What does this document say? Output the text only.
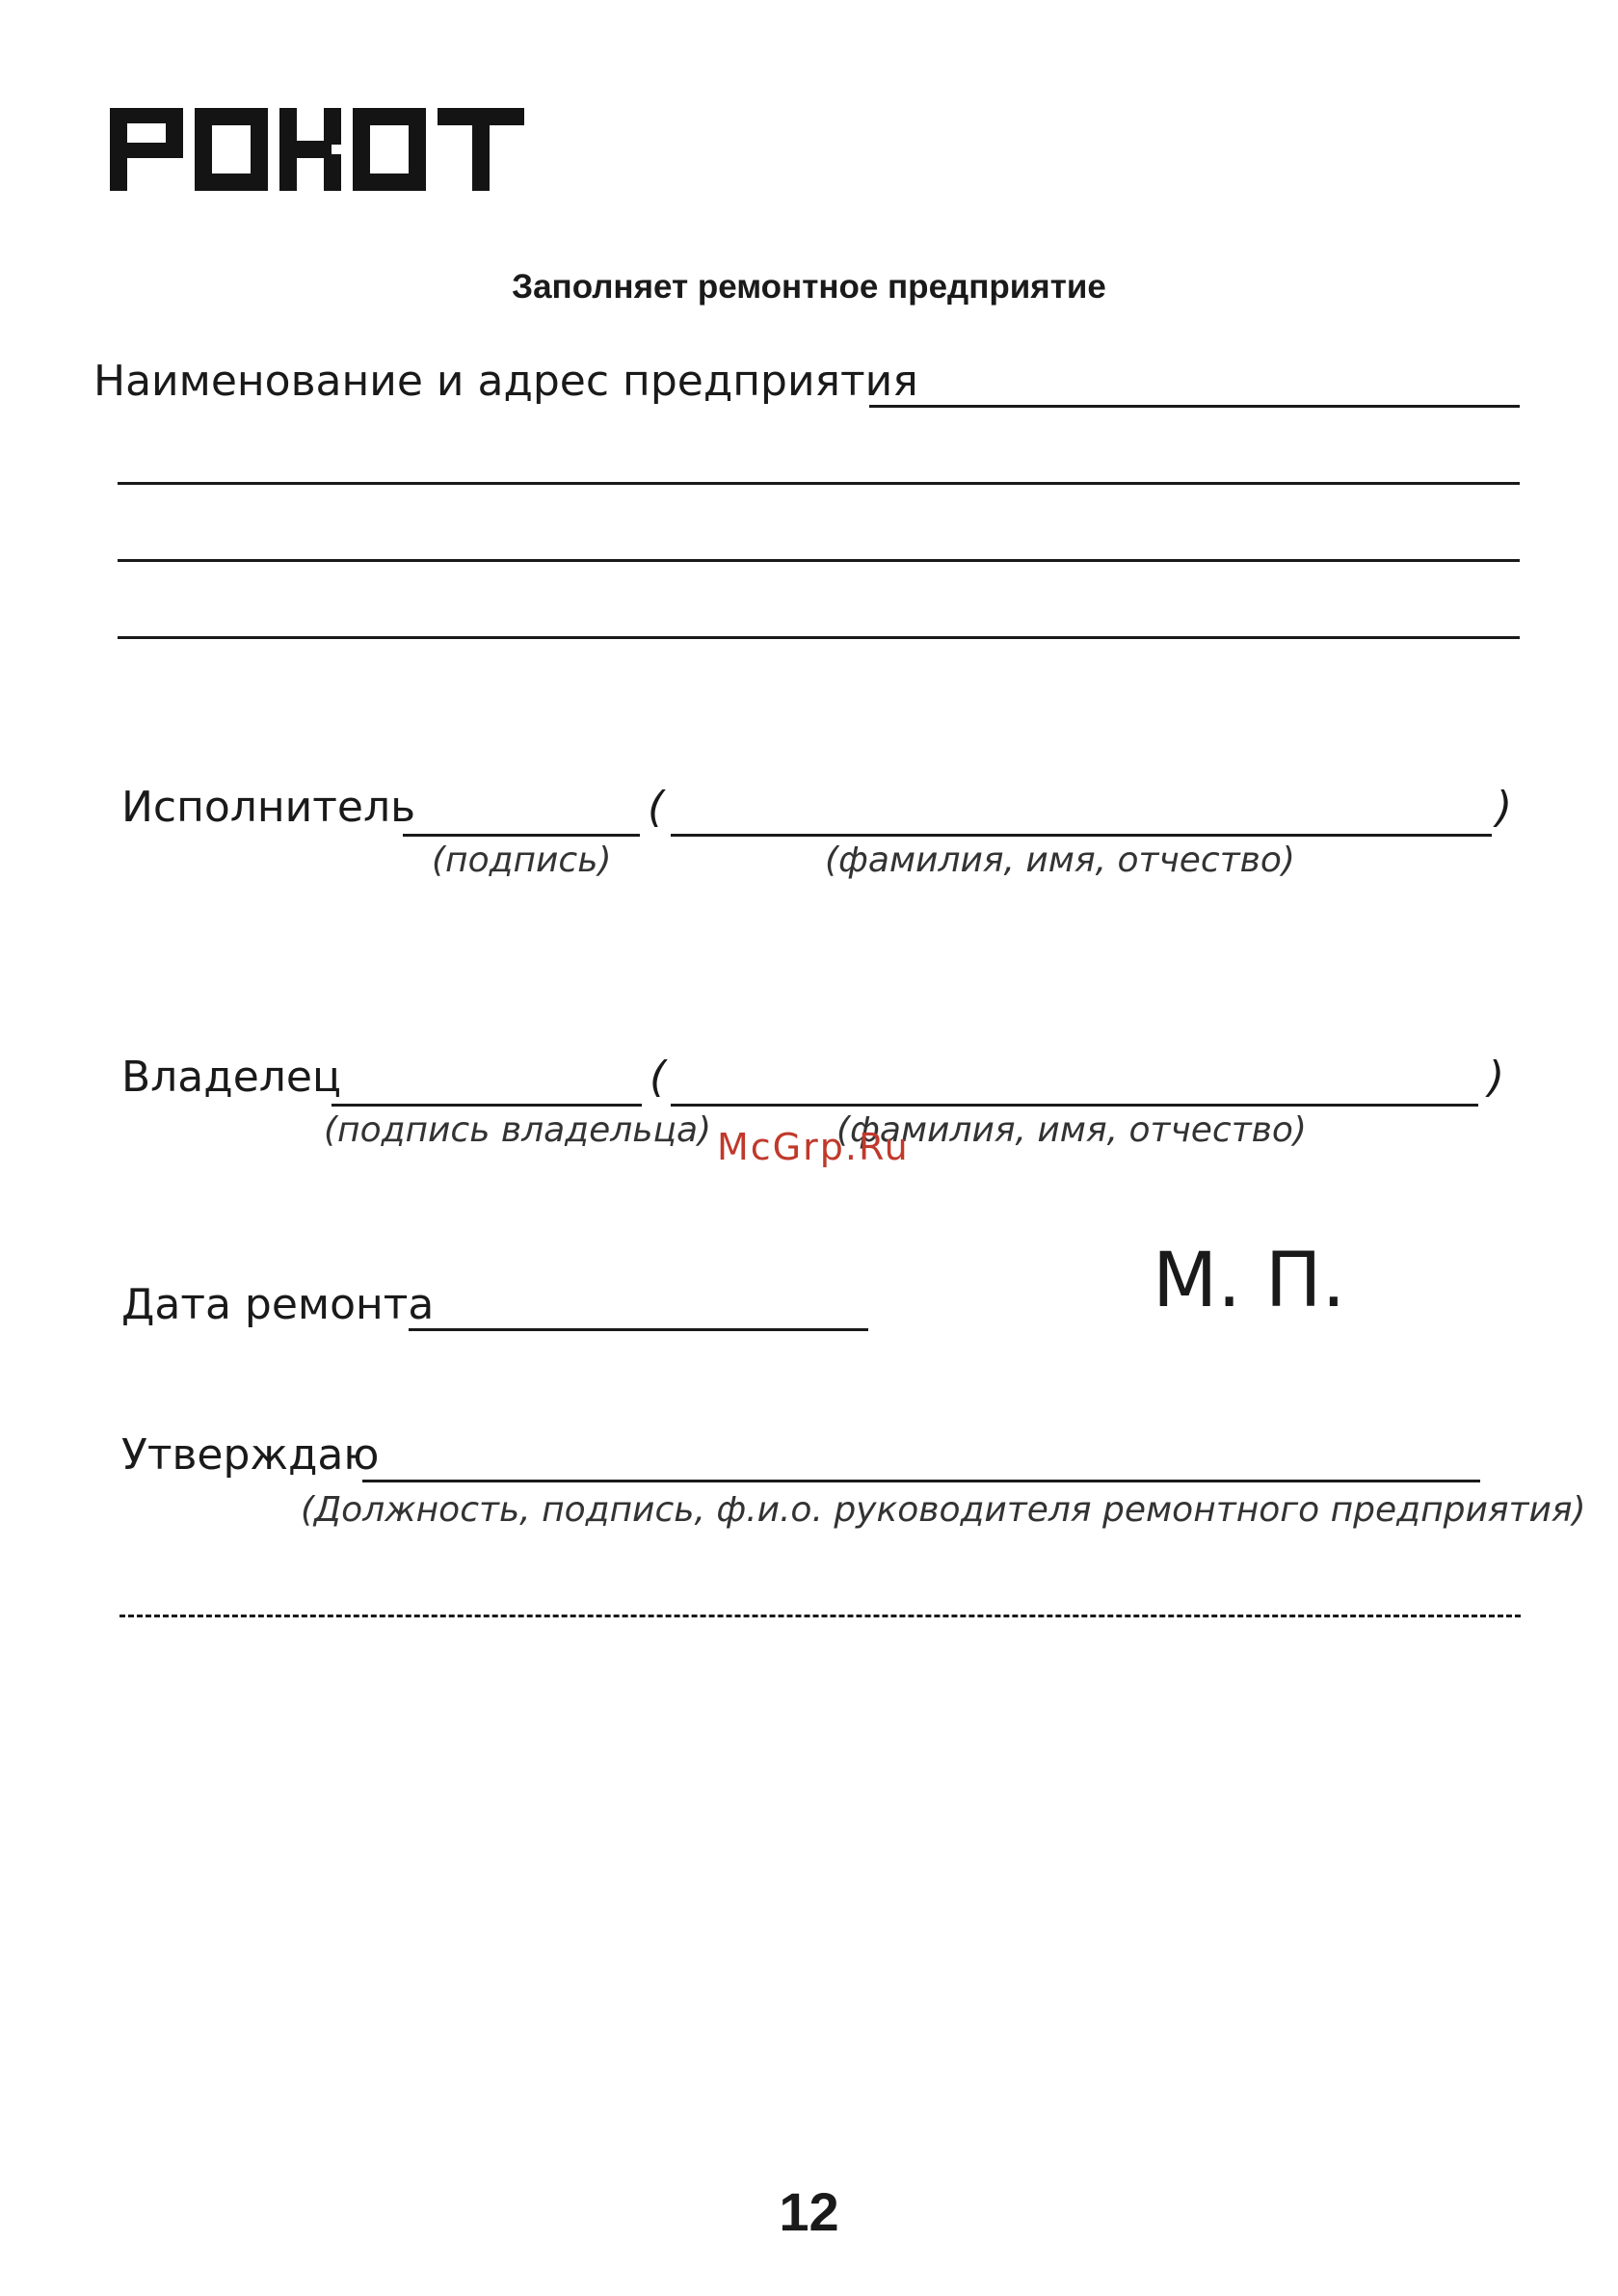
Заполняет ремонтное предприятие
Наименование и адрес предприятия
Исполнитель	(	)
(подпись)	(фамилия, имя, отчество)
Владелец	(	)
(подпись владельца)	(фамилия, имя, отчество)
McGrp.Ru
Дата ремонта	М. П.
Утверждаю
(Должность, подпись, ф.и.о. руководителя ремонтного предприятия)
12
